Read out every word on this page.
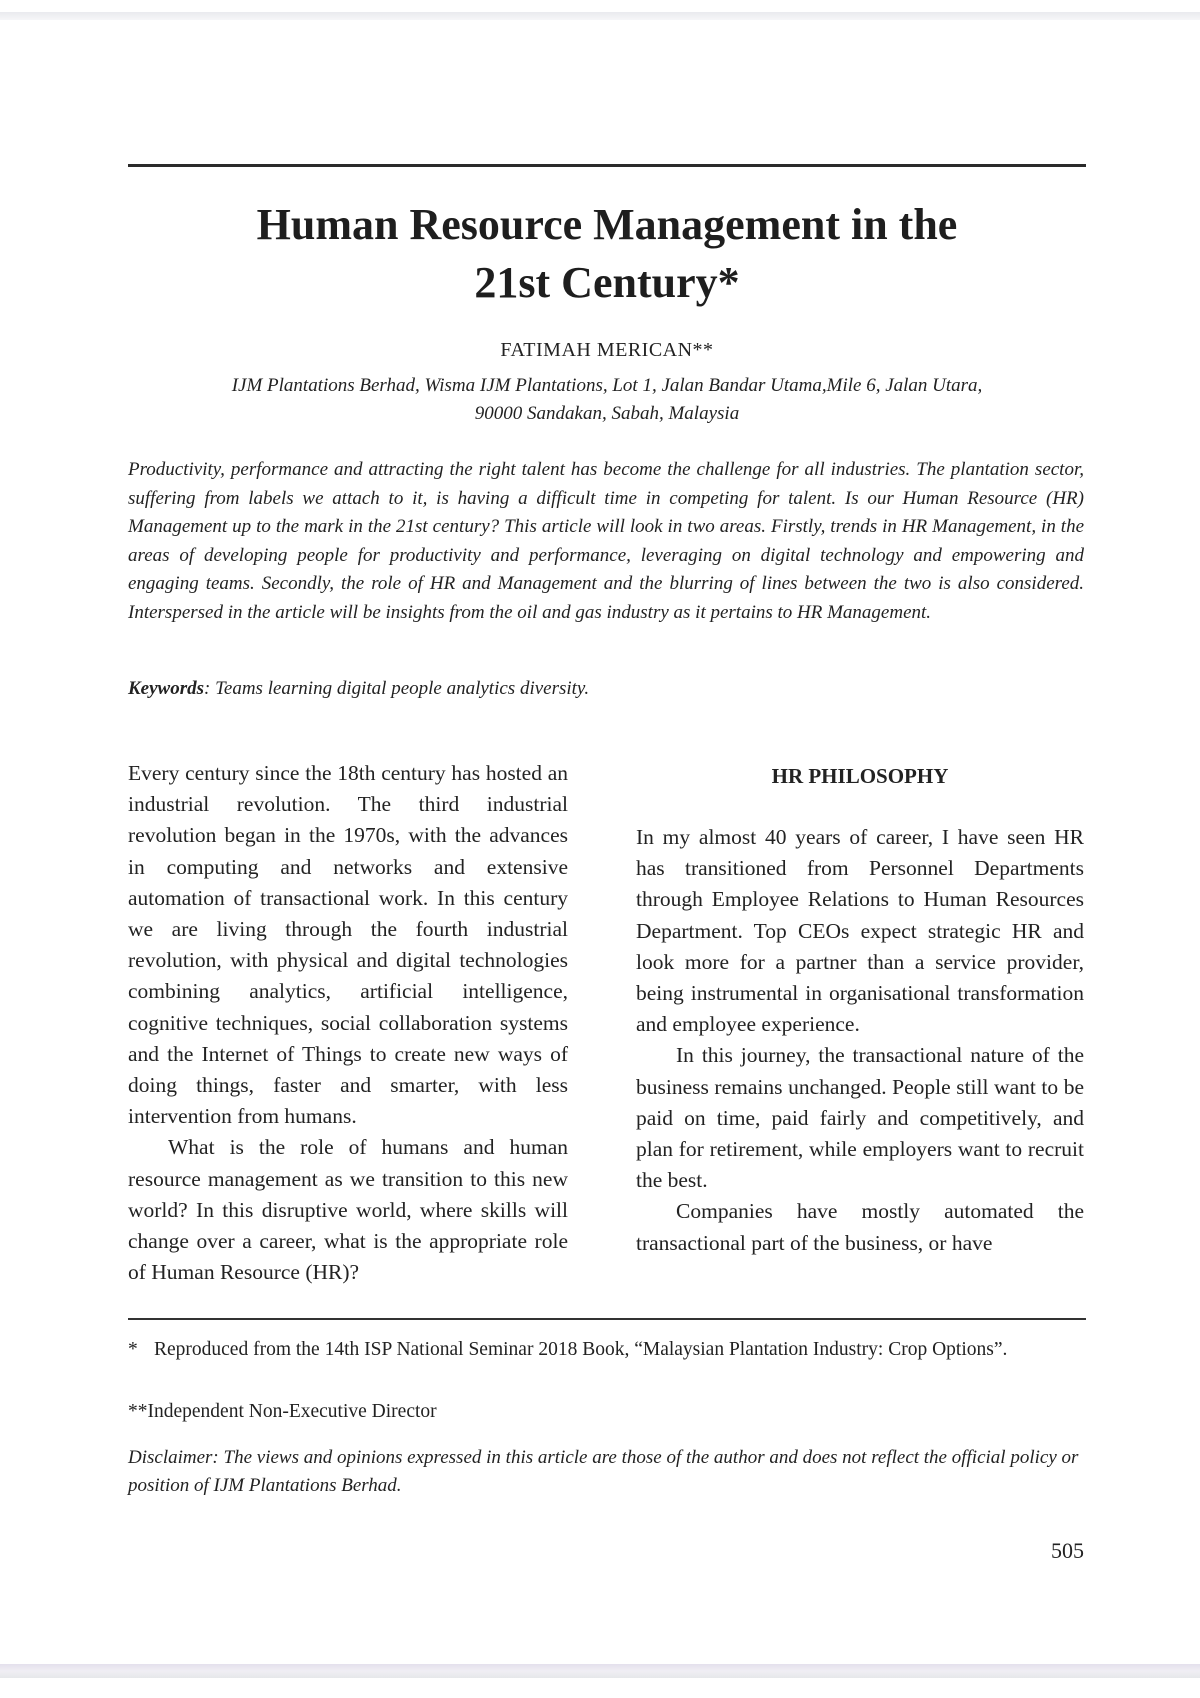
Human Resource Management in the
21st Century*
FATIMAH MERICAN**
IJM Plantations Berhad, Wisma IJM Plantations, Lot 1, Jalan Bandar Utama,Mile 6, Jalan Utara,
90000 Sandakan, Sabah, Malaysia

Productivity, performance and attracting the right talent has become the challenge for all industries. The plantation sector, suffering from labels we attach to it, is having a difficult time in competing for talent. Is our Human Resource (HR) Management up to the mark in the 21st century? This article will look in two areas. Firstly, trends in HR Management, in the areas of developing people for productivity and performance, leveraging on digital technology and empowering and engaging teams. Secondly, the role of HR and Management and the blurring of lines between the two is also considered. Interspersed in the article will be insights from the oil and gas industry as it pertains to HR Management.

Keywords: Teams learning digital people analytics diversity.

Every century since the 18th century has hosted an industrial revolution. The third industrial revolution began in the 1970s, with the advances in computing and networks and extensive automation of transactional work. In this century we are living through the fourth industrial revolution, with physical and digital technologies combining analytics, artificial intelligence, cognitive techniques, social collaboration systems and the Internet of Things to create new ways of doing things, faster and smarter, with less intervention from humans.

What is the role of humans and human resource management as we transition to this new world? In this disruptive world, where skills will change over a career, what is the appropriate role of Human Resource (HR)?

HR PHILOSOPHY

In my almost 40 years of career, I have seen HR has transitioned from Personnel Departments through Employee Relations to Human Resources Department. Top CEOs expect strategic HR and look more for a partner than a service provider, being instrumental in organisational transformation and employee experience.

In this journey, the transactional nature of the business remains unchanged. People still want to be paid on time, paid fairly and competitively, and plan for retirement, while employers want to recruit the best.

Companies have mostly automated the transactional part of the business, or have

* Reproduced from the 14th ISP National Seminar 2018 Book, “Malaysian Plantation Industry: Crop Options”.
**Independent Non-Executive Director
Disclaimer: The views and opinions expressed in this article are those of the author and does not reflect the official policy or position of IJM Plantations Berhad.
505
